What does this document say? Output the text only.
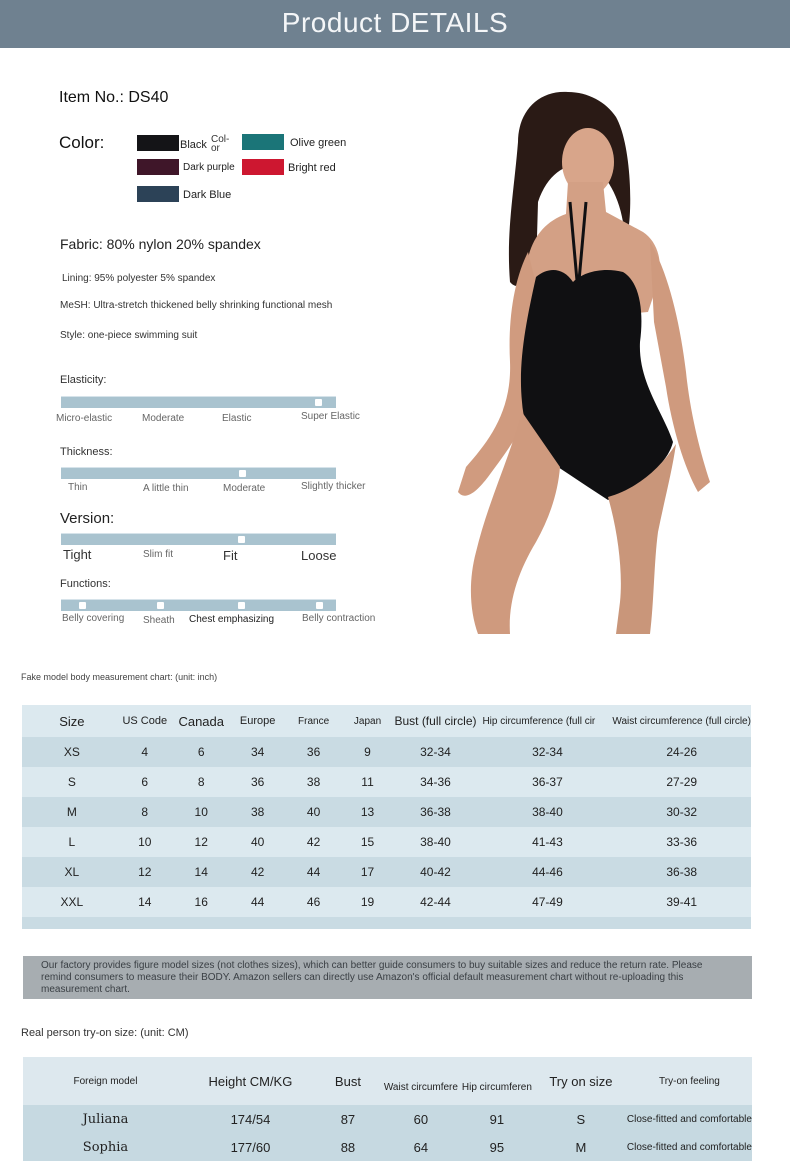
Product DETAILS
Item No.: DS40
Color:	Black Col-
or	Olive green
Dark purple	Bright red
Dark Blue
Fabric: 80% nylon 20% spandex
Lining: 95% polyester 5% spandex
MeSH: Ultra-stretch thickened belly shrinking functional mesh
Style: one-piece swimming suit
Elasticity:
Micro-elastic	Moderate	Elastic	Super Elastic
Thickness:
Thin	A little thin	Moderate	Slightly thicker
Version:
Tight	Slim fit	Fit	Loose
Functions:
Belly covering Sheath Chest emphasizing	Belly contraction
Fake model body measurement chart: (unit: inch)
Size	US Code	Canada	Europe	France	Japan	Bust (full circle)	Hip circumference (full cir	Waist circumference (full circle)
XS	4	6	34	36	9	32-34	32-34	24-26
S	6	8	36	38	11	34-36	36-37	27-29
M	8	10	38	40	13	36-38	38-40	30-32
L	10	12	40	42	15	38-40	41-43	33-36
XL	12	14	42	44	17	40-42	44-46	36-38
XXL	14	16	44	46	19	42-44	47-49	39-41

Our factory provides figure model sizes (not clothes sizes), which can better guide consumers to buy suitable sizes and reduce the return rate. Please remind consumers to measure their BODY. Amazon sellers can directly use Amazon's official default measurement chart without re-uploading this measurement chart.
Real person try-on size: (unit: CM)
Foreign model	Height CM/KG	Bust	Waist circumfere	Hip circumferen	Try on size	Try-on feeling
Juliana	174/54	87	60	91	S	Close-fitted and comfortable
Sophia	177/60	88	64	95	M	Close-fitted and comfortable
